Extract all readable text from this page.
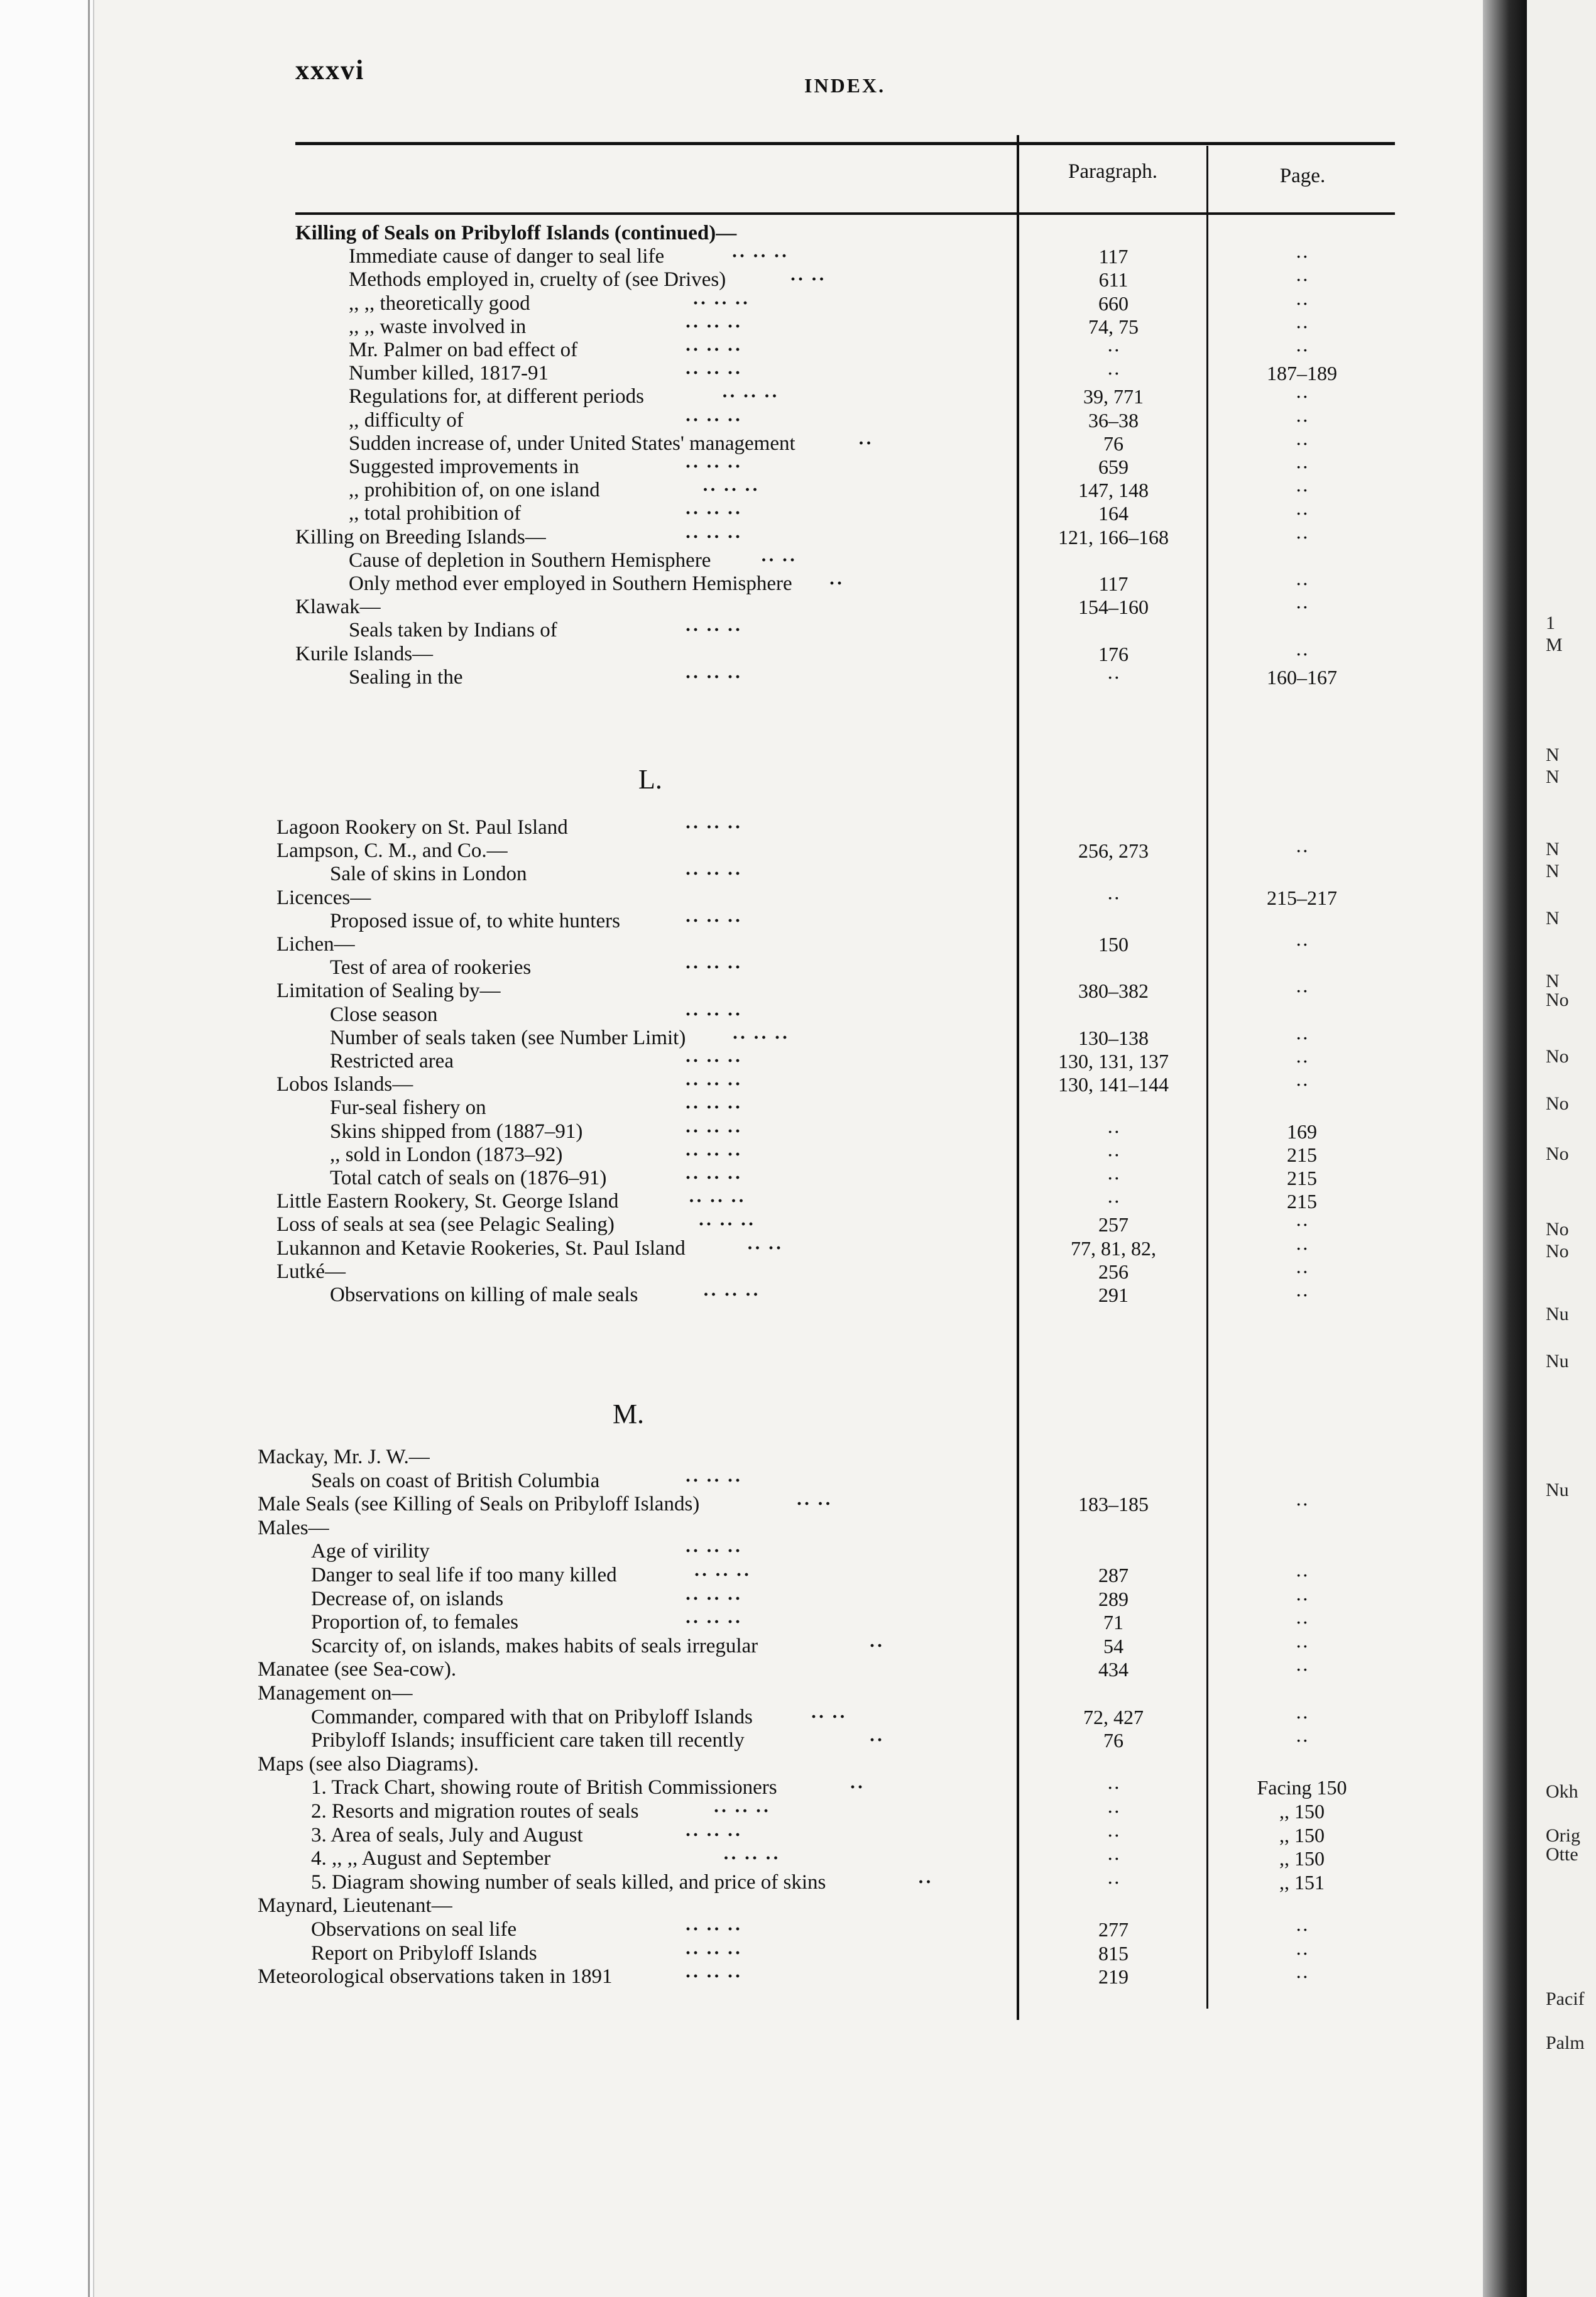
1
M
N
N
N
N
N
N
No
No
No
No
No
No
Nu
Nu
Nu
Okh
Orig
Otte
Pacif
Palm
xxxvi	INDEX.
Paragraph.	Page.
Killing of Seals on Pribyloff Islands (continued)—
Immediate cause of danger to seal life	·· ·· ··	117	··
Methods employed in, cruelty of (see Drives)	·· ··	611	··
,, ,, theoretically good	·· ·· ··	660	··
,, ,, waste involved in	·· ·· ··	74, 75	··
Mr. Palmer on bad effect of	·· ·· ··	··	··
Number killed, 1817-91	·· ·· ··	··	187–189
Regulations for, at different periods	·· ·· ··	39, 771	··
,, difficulty of	·· ·· ··	36–38	··
Sudden increase of, under United States' management	··	76	··
Suggested improvements in	·· ·· ··	659	··
,, prohibition of, on one island	·· ·· ··	147, 148	··
,, total prohibition of	·· ·· ··	164	··
Killing on Breeding Islands—	·· ·· ··	121, 166–168	··
Cause of depletion in Southern Hemisphere	·· ··
Only method ever employed in Southern Hemisphere ··	117	··
Klawak—	154–160	··
Seals taken by Indians of	·· ·· ··
Kurile Islands—	176	··
Sealing in the	·· ·· ··	··	160–167
Lagoon Rookery on St. Paul Island	·· ·· ··
Lampson, C. M., and Co.—	256, 273	··
Sale of skins in London	·· ·· ··
Licences—	··	215–217
Proposed issue of, to white hunters	·· ·· ··
Lichen—	150	··
Test of area of rookeries	·· ·· ··
Limitation of Sealing by—	380–382	··
Close season	·· ·· ··
Number of seals taken (see Number Limit) ·· ·· ··	130–138	··
Restricted area	·· ·· ··	130, 131, 137	··
Lobos Islands—	·· ·· ··	130, 141–144	··
Fur-seal fishery on	·· ·· ··
Skins shipped from (1887–91)	·· ·· ··	··	169
,, sold in London (1873–92)	·· ·· ··	··	215
Total catch of seals on (1876–91)	·· ·· ··	··	215
Little Eastern Rookery, St. George Island	·· ·· ··	··	215
Loss of seals at sea (see Pelagic Sealing)	·· ·· ··	257	··
Lukannon and Ketavie Rookeries, St. Paul Island	·· ··	77, 81, 82,	··
Lutké—	256	··
Observations on killing of male seals	·· ·· ··	291	··
Mackay, Mr. J. W.—
Seals on coast of British Columbia	·· ·· ··
Male Seals (see Killing of Seals on Pribyloff Islands)	·· ··	183–185	··
Males—
Age of virility	·· ·· ··
Danger to seal life if too many killed	·· ·· ··	287	··
Decrease of, on islands	·· ·· ··	289	··
Proportion of, to females	·· ·· ··	71	··
Scarcity of, on islands, makes habits of seals irregular	··	54	··
Manatee (see Sea-cow).	434	··
Management on—
Commander, compared with that on Pribyloff Islands	·· ··	72, 427	··
Pribyloff Islands; insufficient care taken till recently	··	76	··
Maps (see also Diagrams).
1. Track Chart, showing route of British Commissioners	··	··	Facing 150
2. Resorts and migration routes of seals	·· ·· ··	··	,, 150
3. Area of seals, July and August	·· ·· ··	··	,, 150
4. ,, ,, August and September	·· ·· ··	··	,, 150
5. Diagram showing number of seals killed, and price of skins	··	··	,, 151
Maynard, Lieutenant—
Observations on seal life	·· ·· ··	277	··
Report on Pribyloff Islands	·· ·· ··	815	··
Meteorological observations taken in 1891	·· ·· ··	219	··
L.
M.
